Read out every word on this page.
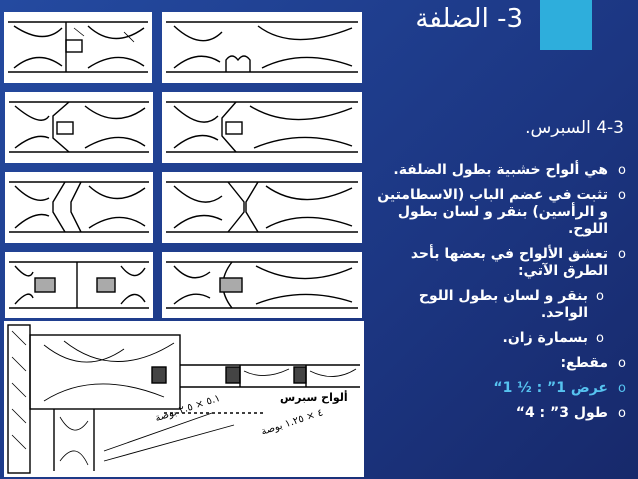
3- الضلفة
4-3 السبرس.
o
هي ألواح خشبية بطول الضلفة.
o
تثبت في عضم الباب (الاسطامتين و الرأسين) بنقر و لسان بطول اللوح.
o
تعشق الألواح في بعضها بأحد الطرق الآتي:
o
بنقر و لسان بطول اللوح الواحد.
o
بسمارة زان.
o
مقطع:
o
عرض 1” : ½ 1“
o
طول 3” : 4“
ألواح سبرس
٥.١ × ٢.٥ بوصة
٤ × ١.٢٥ بوصة
